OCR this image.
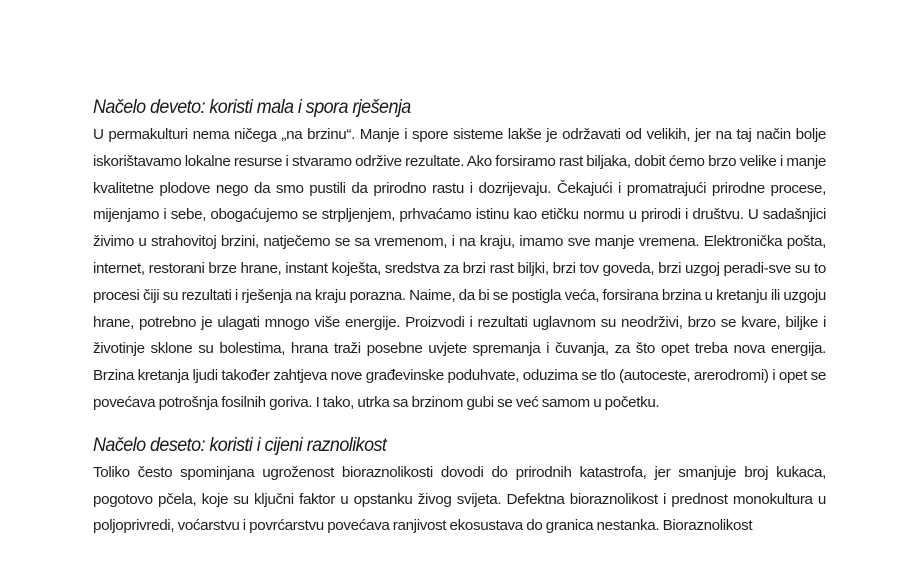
Načelo deveto: koristi mala i spora rješenja

U permakulturi nema ničega „na brzinu“. Manje i spore sisteme lakše je održavati od velikih, jer na taj način bolje iskorištavamo lokalne resurse i stvaramo održive rezultate. Ako forsiramo rast biljaka, dobit ćemo brzo velike i manje kvalitetne plodove nego da smo pustili da prirodno rastu i dozrijevaju. Čekajući i promatrajući prirodne procese, mijenjamo i sebe, obogaćujemo se strpljenjem, prhvaćamo istinu kao etičku normu u prirodi i društvu. U sadašnjici živimo u strahovitoj brzini, natječemo se sa vremenom, i na kraju, imamo sve manje vremena. Elektronička pošta, internet, restorani brze hrane, instant koješta, sredstva za brzi rast biljki, brzi tov goveda, brzi uzgoj peradi-sve su to procesi čiji su rezultati i rješenja na kraju porazna. Naime, da bi se postigla veća, forsirana brzina u kretanju ili uzgoju hrane, potrebno je ulagati mnogo više energije. Proizvodi i rezultati uglavnom su neodrživi, brzo se kvare, biljke i životinje sklone su bolestima, hrana traži posebne uvjete spremanja i čuvanja, za što opet treba nova energija. Brzina kretanja ljudi također zahtjeva nove građevinske poduhvate, oduzima se tlo (autoceste, arerodromi) i opet se povećava potrošnja fosilnih goriva. I tako, utrka sa brzinom gubi se već samom u početku.

Načelo deseto: koristi i cijeni raznolikost

Toliko često spominjana ugroženost bioraznolikosti dovodi do prirodnih katastrofa, jer smanjuje broj kukaca, pogotovo pčela, koje su ključni faktor u opstanku živog svijeta. Defektna bioraznolikost i prednost monokultura u poljoprivredi, voćarstvu i povrćarstvu povećava ranjivost ekosustava do granica nestanka. Bioraznolikost
